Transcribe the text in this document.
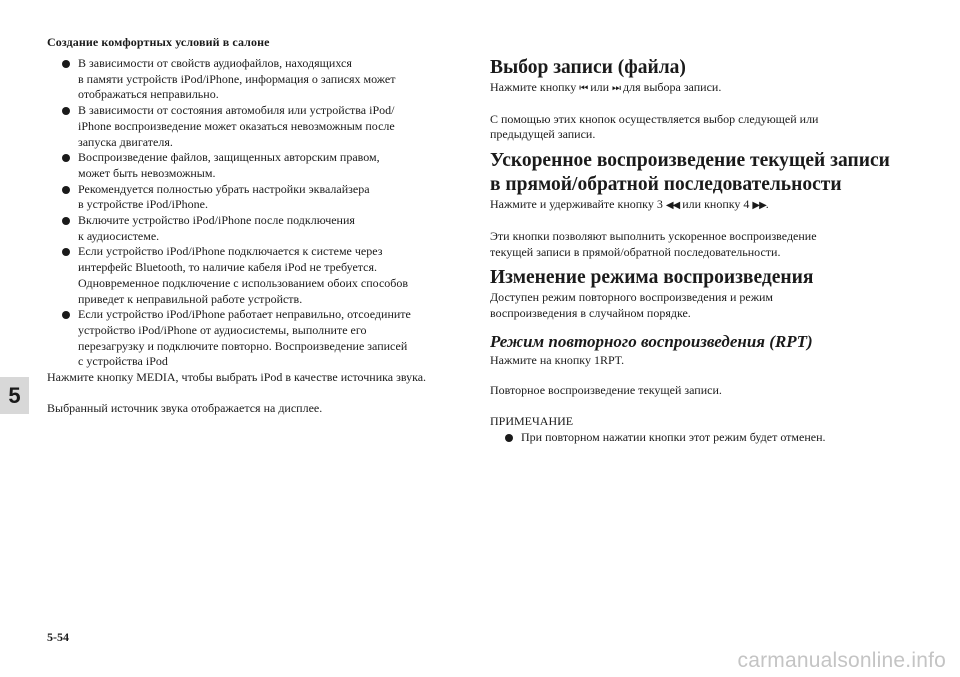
Создание комфортных условий в салоне
5
В зависимости от свойств аудиофайлов, находящихся
в памяти устройств iPod/iPhone, информация о записях может
отображаться неправильно.
В зависимости от состояния автомобиля или устройства iPod/
iPhone воспроизведение может оказаться невозможным после
запуска двигателя.
Воспроизведение файлов, защищенных авторским правом,
может быть невозможным.
Рекомендуется полностью убрать настройки эквалайзера
в устройстве iPod/iPhone.
Включите устройство iPod/iPhone после подключения
к аудиосистеме.
Если устройство iPod/iPhone подключается к системе через
интерфейс Bluetooth, то наличие кабеля iPod не требуется.
Одновременное подключение с использованием обоих способов
приведет к неправильной работе устройств.
Если устройство iPod/iPhone работает неправильно, отсоедините
устройство iPod/iPhone от аудиосистемы, выполните его
перезагрузку и подключите повторно. Воспроизведение записей
с устройства iPod

Нажмите кнопку MEDIA, чтобы выбрать iPod в качестве источника звука.

Выбранный источник звука отображается на дисплее.

Выбор записи (файла)

Нажмите кнопку ⏮ или ⏭ для выбора записи.

С помощью этих кнопок осуществляется выбор следующей или
предыдущей записи.

Ускоренное воспроизведение текущей записи
в прямой/обратной последовательности

Нажмите и удерживайте кнопку 3 ◀◀ или кнопку 4 ▶▶.

Эти кнопки позволяют выполнить ускоренное воспроизведение
текущей записи в прямой/обратной последовательности.

Изменение режима воспроизведения

Доступен режим повторного воспроизведения и режим
воспроизведения в случайном порядке.

Режим повторного воспроизведения (RPT)

Нажмите на кнопку 1RPT.

Повторное воспроизведение текущей записи.

ПРИМЕЧАНИЕ

При повторном нажатии кнопки этот режим будет отменен.
5-54
carmanualsonline.info
